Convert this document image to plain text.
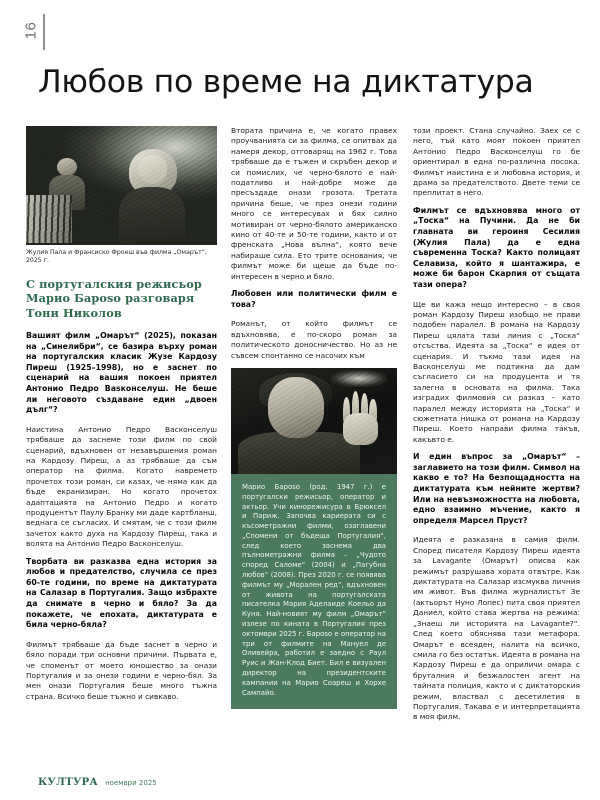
16
Любов по време на диктатура
Жулия Пала и Франсиско Фроеш във филма „Омарът“, 2025 г.
С португалския режисьор Марио Бароso разговаря Тони Николов

Вашият филм „Омарът“ (2025), показан на „Синелибри“, се базира върху роман на португалския класик Жузе Кардозу Пиреш (1925–1998), но е заснет по сценарий на вашия покоен приятел Антонио Педро Вasконселуш. Не беше ли неговото създаване един „двоен дълг“?

Наистина Антонио Педро Васконселуш трябваше да заснеме този филм по свой сценарий, вдъхновен от незавършения роман на Кардозу Пиреш, а аз трябваше да съм оператор на филма. Когато навремето прочетох този роман, си казах, че няма как да бъде екранизиран. Но когато прочетох адаптацията на Антонио Педро и когато продуцентът Паулу Бранку ми даде картбланш, веднага се съгласих. И смятам, че с този филм зачетох както духа на Кардозу Пиреш, така и волята на Антонио Педро Васконселуш.

Творбата ви разказва една история за любов и предателство, случила се през 60-те години, по време на диктатурата на Салазар в Португалия. Защо избрахте да снимате в черно и бяло? За да покажете, че епохата, диктатурата е била черно-бяла?

Филмът трябваше да бъде заснет в черно и бяло поради три основни причини. Първата е, че споменът от моето юношество за онази Португалия и за онези години е черно-бял. За мен онази Португалия беше много тъжна страна. Всичко беше тъжно и сивкаво.

Втората причина е, че когато правех проучванията си за филма, се опитвах да намеря декор, отговарящ на 1962 г. Това трябваше да е тъжен и скръбен декор и си помислих, че черно-бялото е най-податливо и най-добре може да пресъздаде онази грозота. Третата причина беше, че през онези години много се интересувах и бях силно мотивиран от черно-бялото американско кино от 40-те и 50-те години, както и от френската „Нова вълна“, която вече набираше сила. Ето трите основания, че филмът може би щеше да бъде по-интересен в черно и бяло.

Любовен или политически филм е това?

Романът, от който филмът се вдъхновява, е по-скоро роман за политическото доносничество. Но аз не съвсем спонтанно се насочих към

Марио Бароso (род. 1947 г.) е португалски режисьор, оператор и актьор. Учи кинорежисура в Брюксел и Париж. Започва кариерата си с късометражни филми, озаглавени „Спомени от бъдеща Португалия“, след което заснема два пълнометражни филма – „Чудото според Саломе“ (2004) и „Пагубна любов“ (2008). През 2020 г. се появява филмът му „Морален ред“, вдъхновен от живота на португалската писателка Мария Аделаиде Коельо да Куня. Най-новият му филм „Омарът“ излезе по кината в Португалия през октомври 2025 г. Бароso е оператор на три от филмите на Мануел де Оливейра, работил е заедно с Раул Руис и Жан-Клод Биет. Бил е визуален директор на президентските кампании на Марио Соареш и Хорхе Сампайо.

този проект. Стана случайно. Заех се с него, тъй като моят покоен приятел Антонио Педро Васконселуш го бе ориентирал в една по-различна посока. Филмът наистина е и любовна история, и драма за предателството. Двете теми се преплитат в него.

Филмът се вдъхновява много от „Тоска“ на Пучини. Да не би главната ви героиня Сесилия (Жулия Пала) да е една съвременна Тоска? Както полицаят Селавиза, който я шантажира, е може би барон Скарпия от същата тази опера?

Ще ви кажа нещо интересно – в своя роман Кардозу Пиреш изобщо не прави подобен паралел. В романа на Кардозу Пиреш цялата тази линия с „Тоска“ отсъства. Идеята за „Тоска“ е идея от сценария. И тъкмо тази идея на Васконселуш ме подтикна да дам съгласието си на продуцента и тя залегна в основата на филма. Така изградих филмовия си разказ – като паралел между историята на „Тоска“ и сюжетната нишка от романа на Кардозу Пиреш. Което направи филма такъв, какъвто е.

И един въпрос за „Омарът“ – заглавието на този филм. Символ на какво е то? На безпощадността на диктатурата към нейните жертви? Или на невъзможността на любовта, едно взаимно мъчение, както я определя Марсел Пруст?

Идеята е разказана в самия филм. Според писателя Кардозу Пиреш идеята за Lavagante (Омарът) описва как режимът разрушава хората отвътре. Как диктатурата на Салазар изсмуква личния им живот. Във филма журналистът Зе (актьорът Нуно Лопес) пита своя приятел Даниел, който става жертва на режима: „Знаеш ли историята на Lavagante?“. След което обяснява тази метафора. Омарът е всеяден, налита на всичко, смила го без остатък. Идеята в романа на Кардозу Пиреш е да оприличи омара с бруталния и безжалостен агент на тайната полиция, както и с диктаторския режим, властвал с десетилетия в Португалия. Такава е и интерпретацията в моя филм.

КУЛТУРА ноември 2025
